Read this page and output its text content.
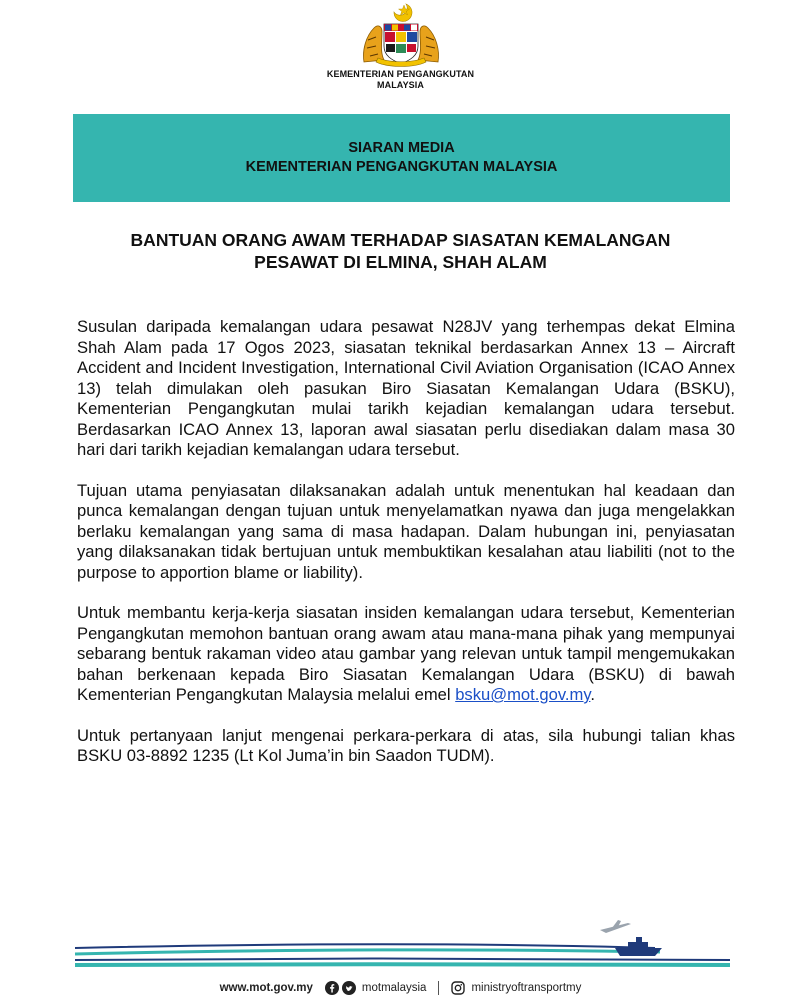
KEMENTERIAN PENGANGKUTAN
MALAYSIA
SIARAN MEDIA
KEMENTERIAN PENGANGKUTAN MALAYSIA
BANTUAN ORANG AWAM TERHADAP SIASATAN KEMALANGAN
PESAWAT DI ELMINA, SHAH ALAM

Susulan daripada kemalangan udara pesawat N28JV yang terhempas dekat Elmina Shah Alam pada 17 Ogos 2023, siasatan teknikal berdasarkan Annex 13 – Aircraft Accident and Incident Investigation, International Civil Aviation Organisation (ICAO Annex 13) telah dimulakan oleh pasukan Biro Siasatan Kemalangan Udara (BSKU), Kementerian Pengangkutan mulai tarikh kejadian kemalangan udara tersebut. Berdasarkan ICAO Annex 13, laporan awal siasatan perlu disediakan dalam masa 30 hari dari tarikh kejadian kemalangan udara tersebut.

Tujuan utama penyiasatan dilaksanakan adalah untuk menentukan hal keadaan dan punca kemalangan dengan tujuan untuk menyelamatkan nyawa dan juga mengelakkan berlaku kemalangan yang sama di masa hadapan. Dalam hubungan ini, penyiasatan yang dilaksanakan tidak bertujuan untuk membuktikan kesalahan atau liabiliti (not to the purpose to apportion blame or liability).

Untuk membantu kerja-kerja siasatan insiden kemalangan udara tersebut, Kementerian Pengangkutan memohon bantuan orang awam atau mana-mana pihak yang mempunyai sebarang bentuk rakaman video atau gambar yang relevan untuk tampil mengemukakan bahan berkenaan kepada Biro Siasatan Kemalangan Udara (BSKU) di bawah Kementerian Pengangkutan Malaysia melalui emel bsku@mot.gov.my.

Untuk pertanyaan lanjut mengenai perkara-perkara di atas, sila hubungi talian khas BSKU 03-8892 1235 (Lt Kol Juma’in bin Saadon TUDM).

www.mot.gov.my	motmalaysia	ministryoftransportmy
